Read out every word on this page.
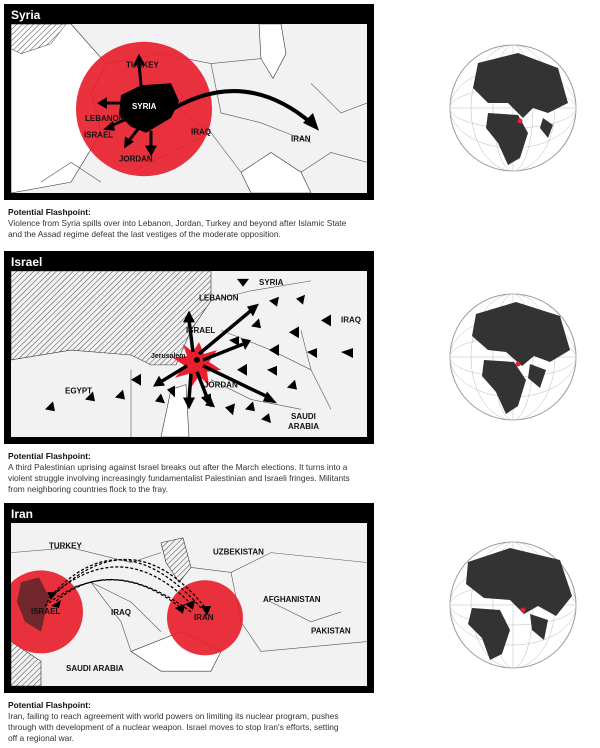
Syria
SYRIA
TURKEY
LEBANON
ISRAEL
JORDAN
IRAQ
IRAN
Potential Flashpoint:
Violence from Syria spills over into Lebanon, Jordan, Turkey and beyond after Islamic State
and the Assad regime defeat the last vestiges of the moderate opposition.
Israel
Jerusalem
SYRIA
LEBANON
ISRAEL
IRAQ
EGYPT
JORDAN
SAUDI
ARABIA
Potential Flashpoint:
A third Palestinian uprising against Israel breaks out after the March elections. It turns into a
violent struggle involving increasingly fundamentalist Palestinian and Israeli fringes. Militants
from neighboring countries flock to the fray.
Iran
TURKEY
UZBEKISTAN
ISRAEL	IRAQ
IRAN
AFGHANISTAN
PAKISTAN
SAUDI ARABIA
Potential Flashpoint:
Iran, failing to reach agreement with world powers on limiting its nuclear program, pushes
through with development of a nuclear weapon. Israel moves to stop Iran's efforts, setting
off a regional war.
